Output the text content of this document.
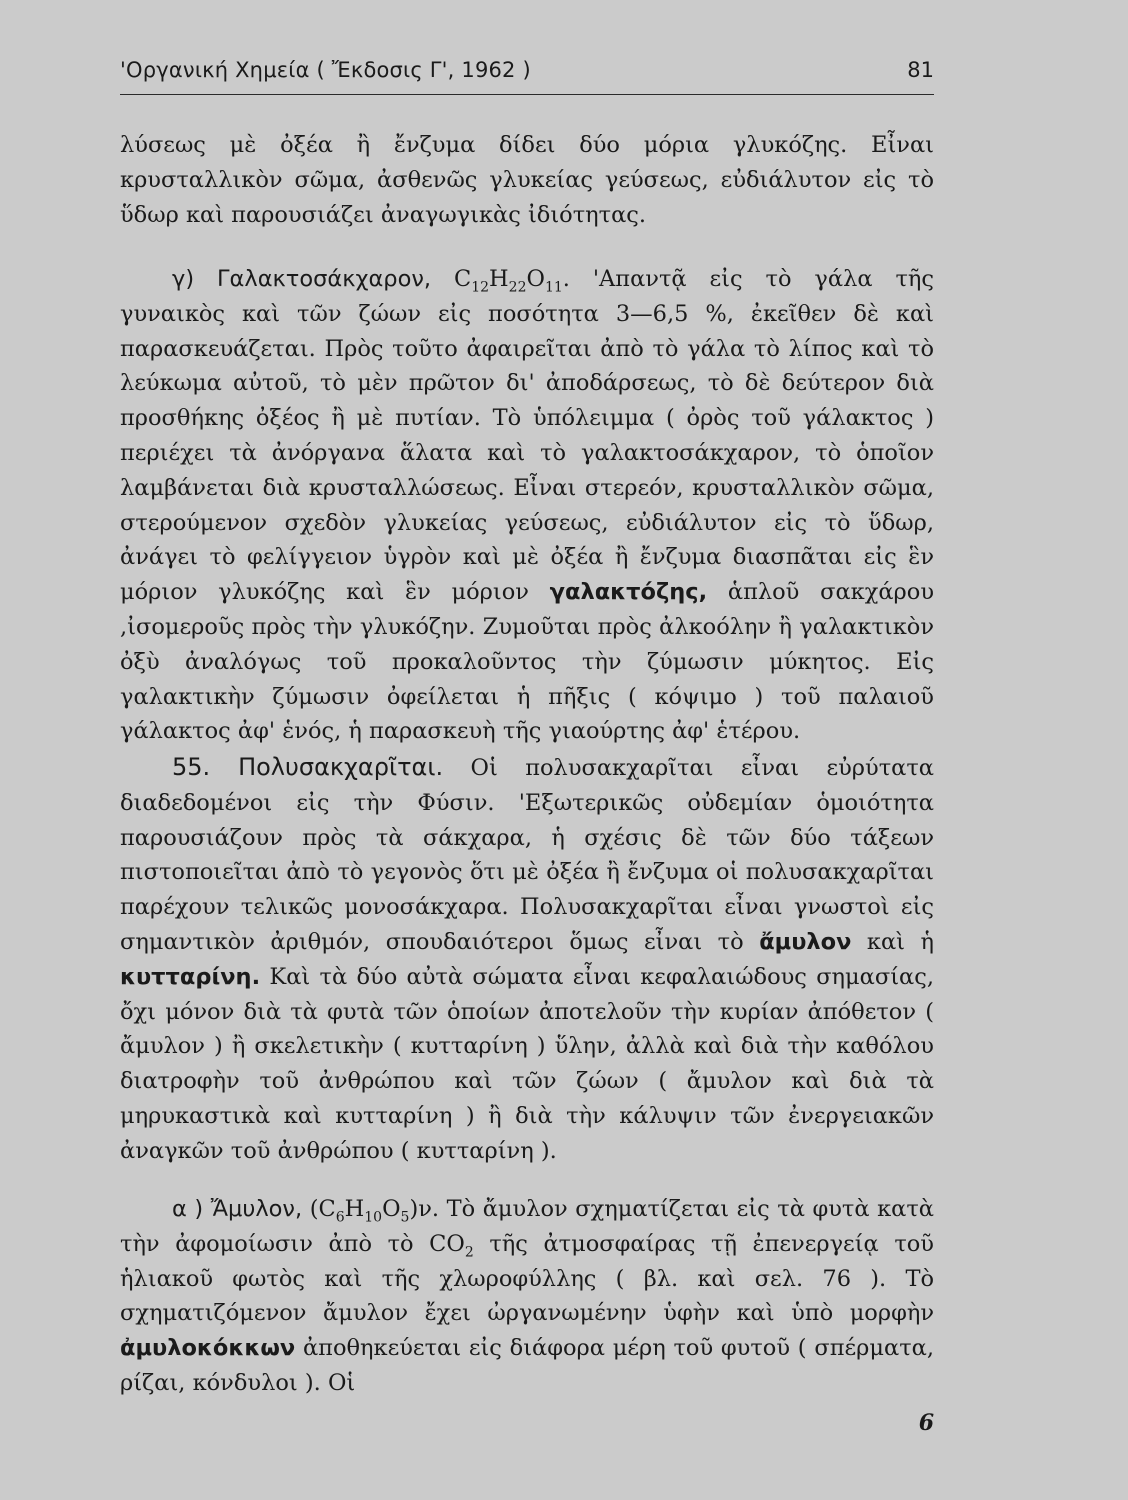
'Οργανική Χημεία ( Ἔκδοσις Γ', 1962 )	81

λύσεως μὲ ὀξέα ἢ ἔνζυμα δίδει δύο μόρια γλυκόζης. Εἶναι κρυσταλλικὸν σῶμα, ἀσθενῶς γλυκείας γεύσεως, εὐδιάλυτον εἰς τὸ ὕδωρ καὶ παρουσιάζει ἀναγωγικὰς ἰδιότητας.

γ) Γαλακτοσάκχαρον, $C_{12}H_{22}O_{11}$. 'Απαντᾷ εἰς τὸ γάλα τῆς γυναικὸς καὶ τῶν ζώων εἰς ποσότητα 3—6,5 %, ἐκεῖθεν δὲ καὶ παρασκευάζεται. Πρὸς τοῦτο ἀφαιρεῖται ἀπὸ τὸ γάλα τὸ λίπος καὶ τὸ λεύκωμα αὐτοῦ, τὸ μὲν πρῶτον δι' ἀποδάρσεως, τὸ δὲ δεύτερον διὰ προσθήκης ὀξέος ἢ μὲ πυτίαν. Τὸ ὑπόλειμμα ( ὀρὸς τοῦ γάλακτος ) περιέχει τὰ ἀνόργανα ἅλατα καὶ τὸ γαλακτοσάκχαρον, τὸ ὁποῖον λαμβάνεται διὰ κρυσταλλώσεως. Εἶναι στερεόν, κρυσταλλικὸν σῶμα, στερούμενον σχεδὸν γλυκείας γεύσεως, εὐδιάλυτον εἰς τὸ ὕδωρ, ἀνάγει τὸ φελίγγειον ὑγρὸν καὶ μὲ ὀξέα ἢ ἔνζυμα διασπᾶται εἰς ἓν μόριον γλυκόζης καὶ ἓν μόριον γαλακτόζης, ἁπλοῦ σακχάρου ,ἰσομεροῦς πρὸς τὴν γλυκόζην. Ζυμοῦται πρὸς ἀλκοόλην ἢ γαλακτικὸν ὀξὺ ἀναλόγως τοῦ προκαλοῦντος τὴν ζύμωσιν μύκητος. Εἰς γαλακτικὴν ζύμωσιν ὀφείλεται ἡ πῆξις ( κόψιμο ) τοῦ παλαιοῦ γάλακτος ἀφ' ἑνός, ἡ παρασκευὴ τῆς γιαούρτης ἀφ' ἑτέρου.

55. Πολυσακχαρῖται. Οἱ πολυσακχαρῖται εἶναι εὐρύτατα διαδεδομένοι εἰς τὴν Φύσιν. 'Εξωτερικῶς οὐδεμίαν ὁμοιότητα παρουσιάζουν πρὸς τὰ σάκχαρα, ἡ σχέσις δὲ τῶν δύο τάξεων πιστοποιεῖται ἀπὸ τὸ γεγονὸς ὅτι μὲ ὀξέα ἢ ἔνζυμα οἱ πολυσακχαρῖται παρέχουν τελικῶς μονοσάκχαρα. Πολυσακχαρῖται εἶναι γνωστοὶ εἰς σημαντικὸν ἀριθμόν, σπουδαιότεροι ὅμως εἶναι τὸ ἄμυλον καὶ ἡ κυτταρίνη. Καὶ τὰ δύο αὐτὰ σώματα εἶναι κεφαλαιώδους σημασίας, ὄχι μόνον διὰ τὰ φυτὰ τῶν ὁποίων ἀποτελοῦν τὴν κυρίαν ἀπόθετον ( ἄμυλον ) ἢ σκελετικὴν ( κυτταρίνη ) ὕλην, ἀλλὰ καὶ διὰ τὴν καθόλου διατροφὴν τοῦ ἀνθρώπου καὶ τῶν ζώων ( ἄμυλον καὶ διὰ τὰ μηρυκαστικὰ καὶ κυτταρίνη ) ἢ διὰ τὴν κάλυψιν τῶν ἐνεργειακῶν ἀναγκῶν τοῦ ἀνθρώπου ( κυτταρίνη ).

α ) Ἄμυλον, $(C_6H_{10}O_5)\nu$. Τὸ ἄμυλον σχηματίζεται εἰς τὰ φυτὰ κατὰ τὴν ἀφομοίωσιν ἀπὸ τὸ $CO_2$ τῆς ἀτμοσφαίρας τῇ ἐπενεργείᾳ τοῦ ἡλιακοῦ φωτὸς καὶ τῆς χλωροφύλλης ( βλ. καὶ σελ. 76 ). Τὸ σχηματιζόμενον ἄμυλον ἔχει ὠργανωμένην ὑφὴν καὶ ὑπὸ μορφὴν ἀμυλοκόκκων ἀποθηκεύεται εἰς διάφορα μέρη τοῦ φυτοῦ ( σπέρματα, ρίζαι, κόνδυλοι ). Οἱ

6
